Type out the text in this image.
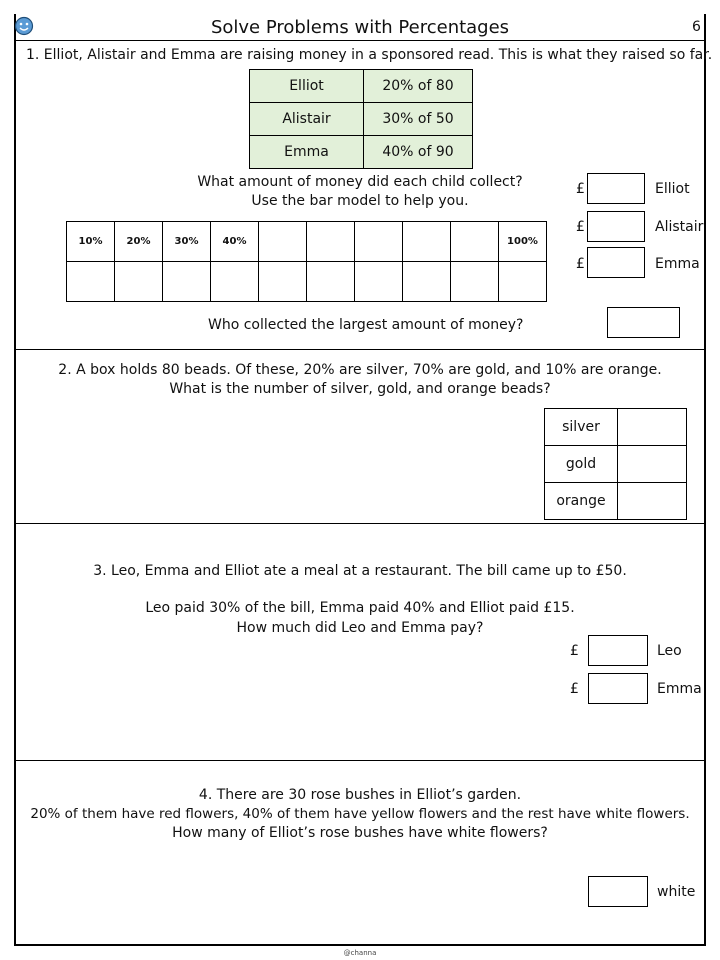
Solve Problems with Percentages	6
1. Elliot, Alistair and Emma are raising money in a sponsored read. This is what they raised so far.
Elliot	20% of 80
Alistair	30% of 50
Emma	40% of 90
What amount of money did each child collect?
Use the bar model to help you.
10%	20%	30%	40%						100%

£	Elliot
£	Alistair
£	Emma
Who collected the largest amount of money?
2. A box holds 80 beads. Of these, 20% are silver, 70% are gold, and 10% are orange.
What is the number of silver, gold, and orange beads?
silver	
gold	
orange	
3. Leo, Emma and Elliot ate a meal at a restaurant. The bill came up to £50.
Leo paid 30% of the bill, Emma paid 40% and Elliot paid £15.
How much did Leo and Emma pay?
£	Leo
£	Emma
4. There are 30 rose bushes in Elliot’s garden.
20% of them have red flowers, 40% of them have yellow flowers and the rest have white flowers.
How many of Elliot’s rose bushes have white flowers?
white
@channa
